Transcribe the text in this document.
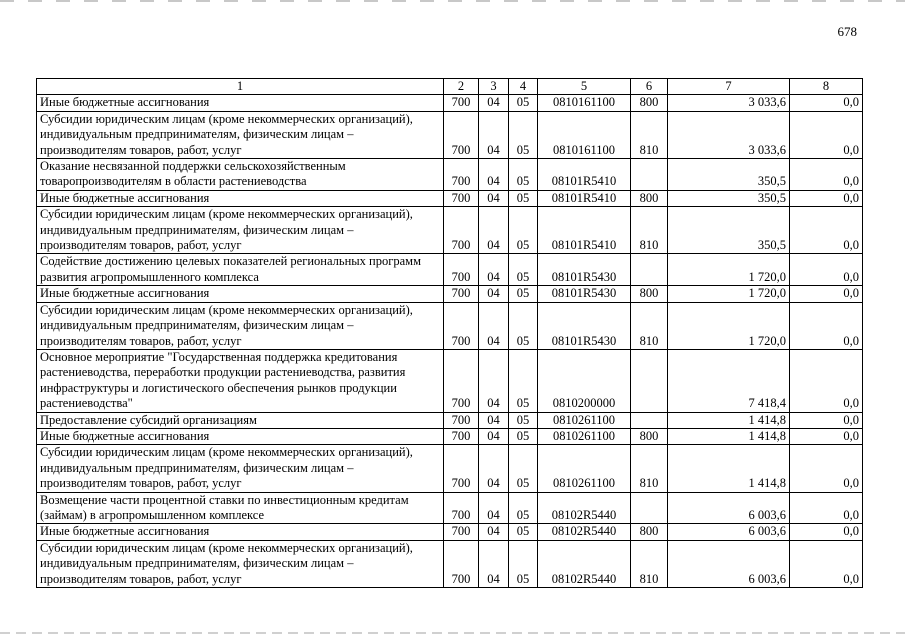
678
1	2	3	4	5	6	7	8
Иные бюджетные ассигнования	700	04	05	0810161100	800	3 033,6	0,0
Субсидии юридическим лицам (кроме некоммерческих организаций), индивидуальным предпринимателям, физическим лицам – производителям товаров, работ, услуг	700	04	05	0810161100	810	3 033,6	0,0
Оказание несвязанной поддержки сельскохозяйственным товаропроизводителям в области растениеводства	700	04	05	08101R5410		350,5	0,0
Иные бюджетные ассигнования	700	04	05	08101R5410	800	350,5	0,0
Субсидии юридическим лицам (кроме некоммерческих организаций), индивидуальным предпринимателям, физическим лицам – производителям товаров, работ, услуг	700	04	05	08101R5410	810	350,5	0,0
Содействие достижению целевых показателей региональных программ развития агропромышленного комплекса	700	04	05	08101R5430		1 720,0	0,0
Иные бюджетные ассигнования	700	04	05	08101R5430	800	1 720,0	0,0
Субсидии юридическим лицам (кроме некоммерческих организаций), индивидуальным предпринимателям, физическим лицам – производителям товаров, работ, услуг	700	04	05	08101R5430	810	1 720,0	0,0
Основное мероприятие "Государственная поддержка кредитования растениеводства, переработки продукции растениеводства, развития инфраструктуры и логистического обеспечения рынков продукции растениеводства"	700	04	05	0810200000		7 418,4	0,0
Предоставление субсидий организациям	700	04	05	0810261100		1 414,8	0,0
Иные бюджетные ассигнования	700	04	05	0810261100	800	1 414,8	0,0
Субсидии юридическим лицам (кроме некоммерческих организаций), индивидуальным предпринимателям, физическим лицам – производителям товаров, работ, услуг	700	04	05	0810261100	810	1 414,8	0,0
Возмещение части процентной ставки по инвестиционным кредитам (займам) в агропромышленном комплексе	700	04	05	08102R5440		6 003,6	0,0
Иные бюджетные ассигнования	700	04	05	08102R5440	800	6 003,6	0,0
Субсидии юридическим лицам (кроме некоммерческих организаций), индивидуальным предпринимателям, физическим лицам – производителям товаров, работ, услуг	700	04	05	08102R5440	810	6 003,6	0,0
